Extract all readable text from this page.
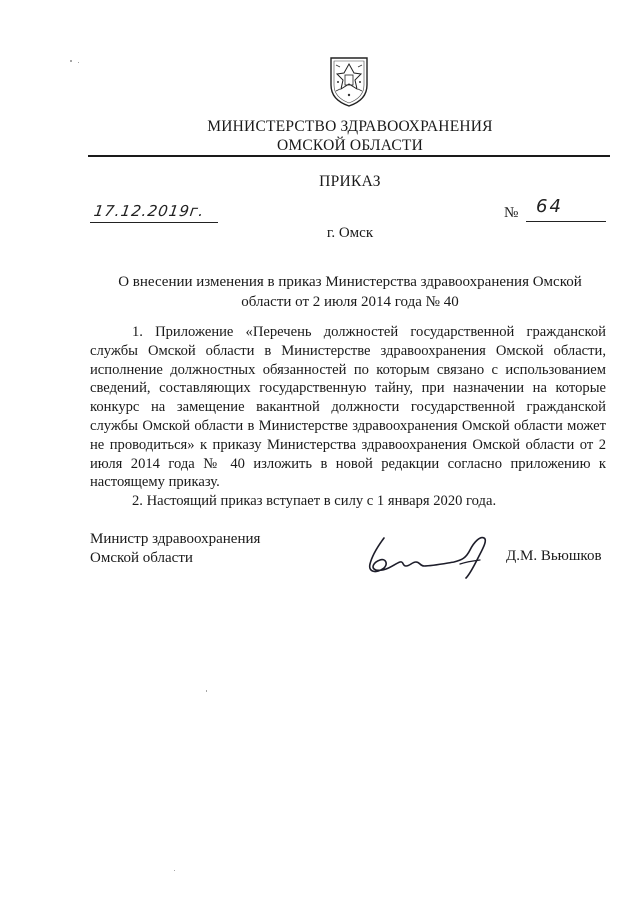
МИНИСТЕРСТВО ЗДРАВООХРАНЕНИЯ
ОМСКОЙ ОБЛАСТИ
ПРИКАЗ
17.12.2019г.	№ 64
г. Омск
О внесении изменения в приказ Министерства здравоохранения Омской области от 2 июля 2014 года № 40

1. Приложение «Перечень должностей государственной гражданской службы Омской области в Министерстве здравоохранения Омской области, исполнение должностных обязанностей по которым связано с использованием сведений, составляющих государственную тайну, при назначении на которые конкурс на замещение вакантной должности государственной гражданской службы Омской области в Министерстве здравоохранения Омской области может не проводиться» к приказу Министерства здравоохранения Омской области от 2 июля 2014 года № 40 изложить в новой редакции согласно приложению к настоящему приказу.

2. Настоящий приказ вступает в силу с 1 января 2020 года.

Министр здравоохранения
Омской области	Д.М. Вьюшков
